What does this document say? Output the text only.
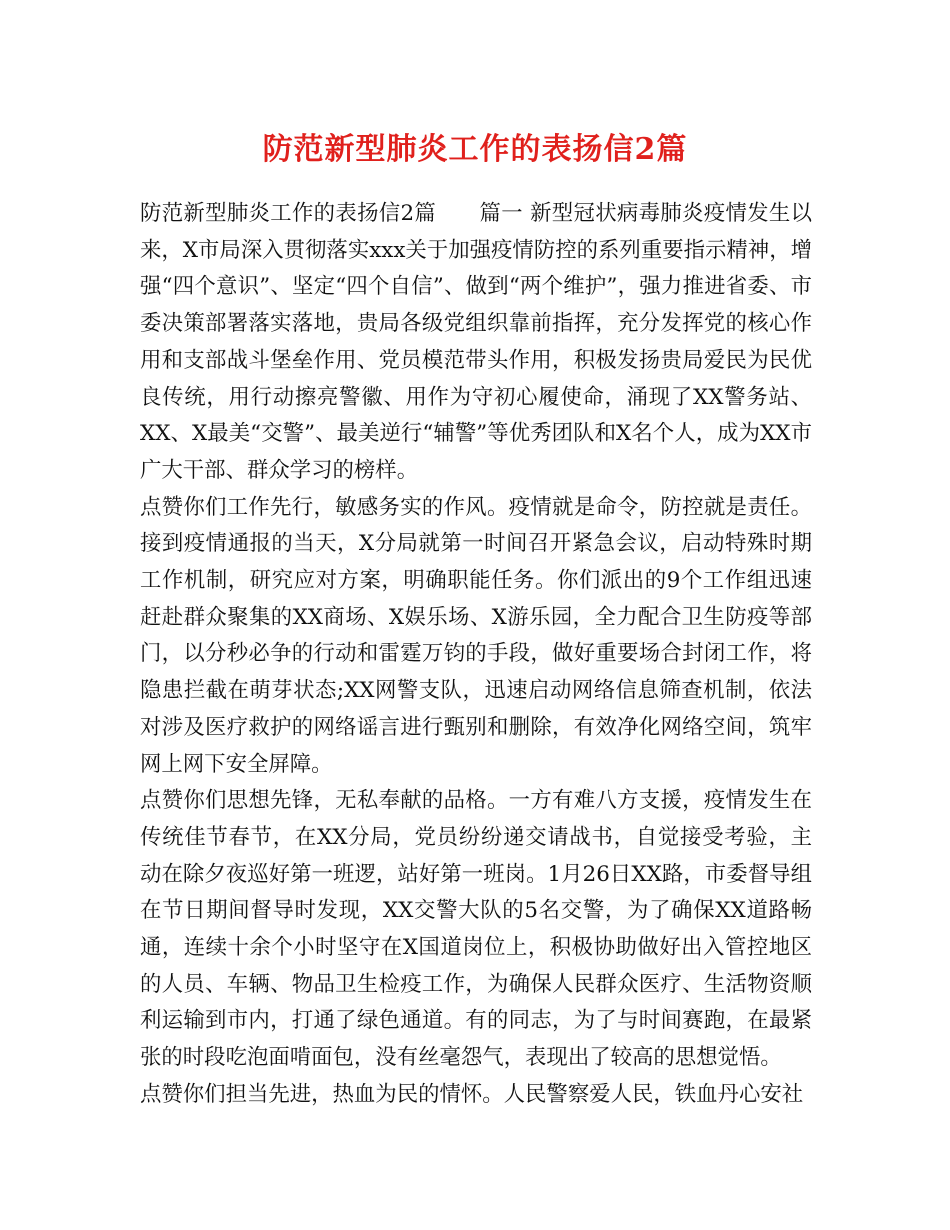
防范新型肺炎工作的表扬信2篇

防范新型肺炎工作的表扬信2篇　　篇一 新型冠状病毒肺炎疫情发生以来，X市局深入贯彻落实xxx关于加强疫情防控的系列重要指示精神，增强“四个意识”、坚定“四个自信”、做到“两个维护”，强力推进省委、市委决策部署落实落地，贵局各级党组织靠前指挥，充分发挥党的核心作用和支部战斗堡垒作用、党员模范带头作用，积极发扬贵局爱民为民优良传统，用行动擦亮警徽、用作为守初心履使命，涌现了XX警务站、XX、X最美“交警”、最美逆行“辅警”等优秀团队和X名个人，成为XX市广大干部、群众学习的榜样。

点赞你们工作先行，敏感务实的作风。疫情就是命令，防控就是责任。接到疫情通报的当天，X分局就第一时间召开紧急会议，启动特殊时期工作机制，研究应对方案，明确职能任务。你们派出的9个工作组迅速赶赴群众聚集的XX商场、X娱乐场、X游乐园，全力配合卫生防疫等部门，以分秒必争的行动和雷霆万钧的手段，做好重要场合封闭工作，将隐患拦截在萌芽状态;XX网警支队，迅速启动网络信息筛查机制，依法对涉及医疗救护的网络谣言进行甄别和删除，有效净化网络空间，筑牢网上网下安全屏障。

点赞你们思想先锋，无私奉献的品格。一方有难八方支援，疫情发生在传统佳节春节，在XX分局，党员纷纷递交请战书，自觉接受考验，主动在除夕夜巡好第一班逻，站好第一班岗。1月26日XX路，市委督导组在节日期间督导时发现，XX交警大队的5名交警，为了确保XX道路畅通，连续十余个小时坚守在X国道岗位上，积极协助做好出入管控地区的人员、车辆、物品卫生检疫工作，为确保人民群众医疗、生活物资顺利运输到市内，打通了绿色通道。有的同志，为了与时间赛跑，在最紧张的时段吃泡面啃面包，没有丝毫怨气，表现出了较高的思想觉悟。

点赞你们担当先进，热血为民的情怀。人民警察爱人民，铁血丹心安社
